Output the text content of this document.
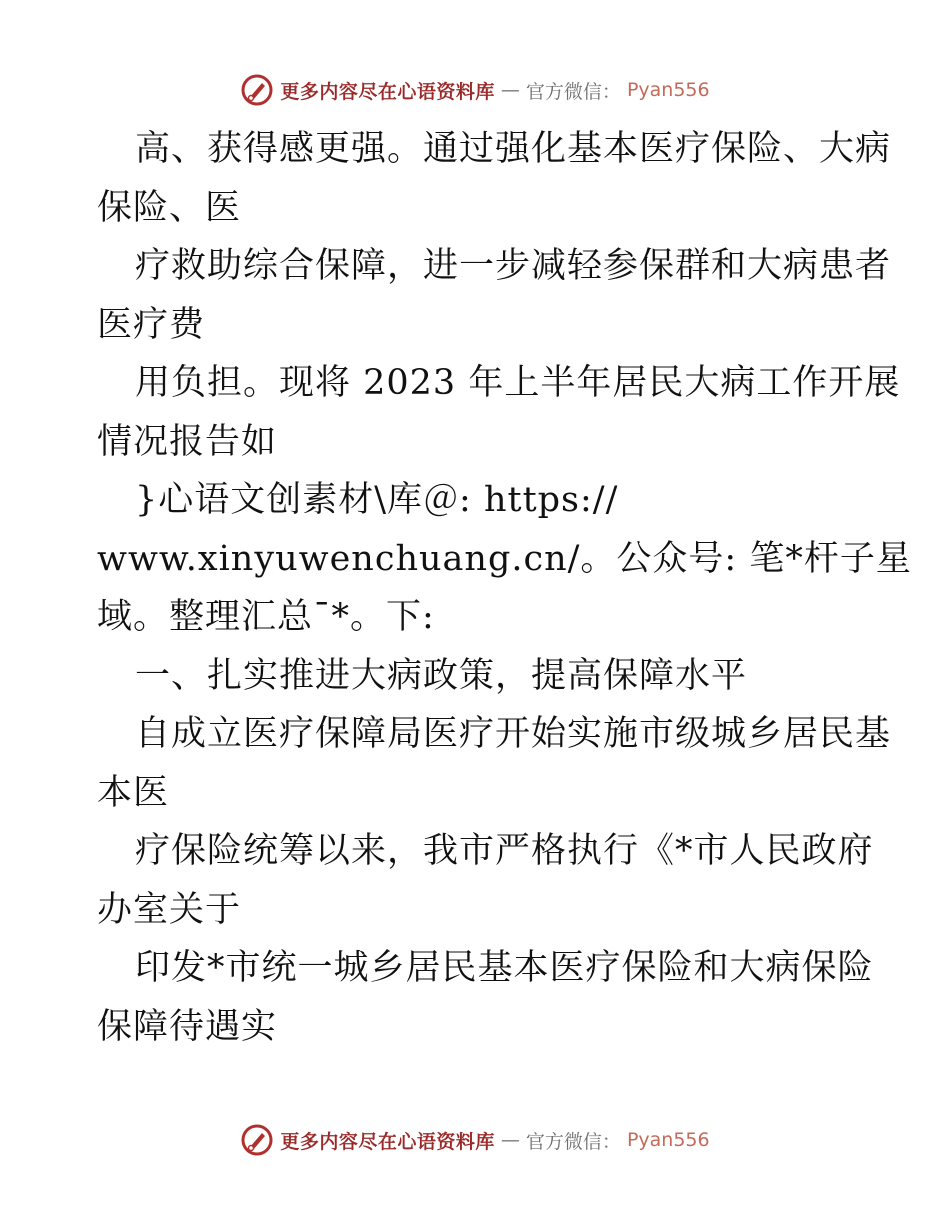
更多内容尽在心语资料库 — 官方微信： Pyan556
高、获得感更强。通过强化基本医疗保险、大病
保险、医
疗救助综合保障，进一步减轻参保群和大病患者
医疗费
用负担。现将 2023 年上半年居民大病工作开展
情况报告如
}心语文创素材\库＠: https://
www.xinyuwenchuang.cn/。公众号: 笔*杆子星
域。整理汇总¯*。下:
一、扎实推进大病政策，提高保障水平
自成立医疗保障局医疗开始实施市级城乡居民基
本医
疗保险统筹以来，我市严格执行《*市人民政府
办室关于
印发*市统一城乡居民基本医疗保险和大病保险
保障待遇实
更多内容尽在心语资料库 — 官方微信： Pyan556
